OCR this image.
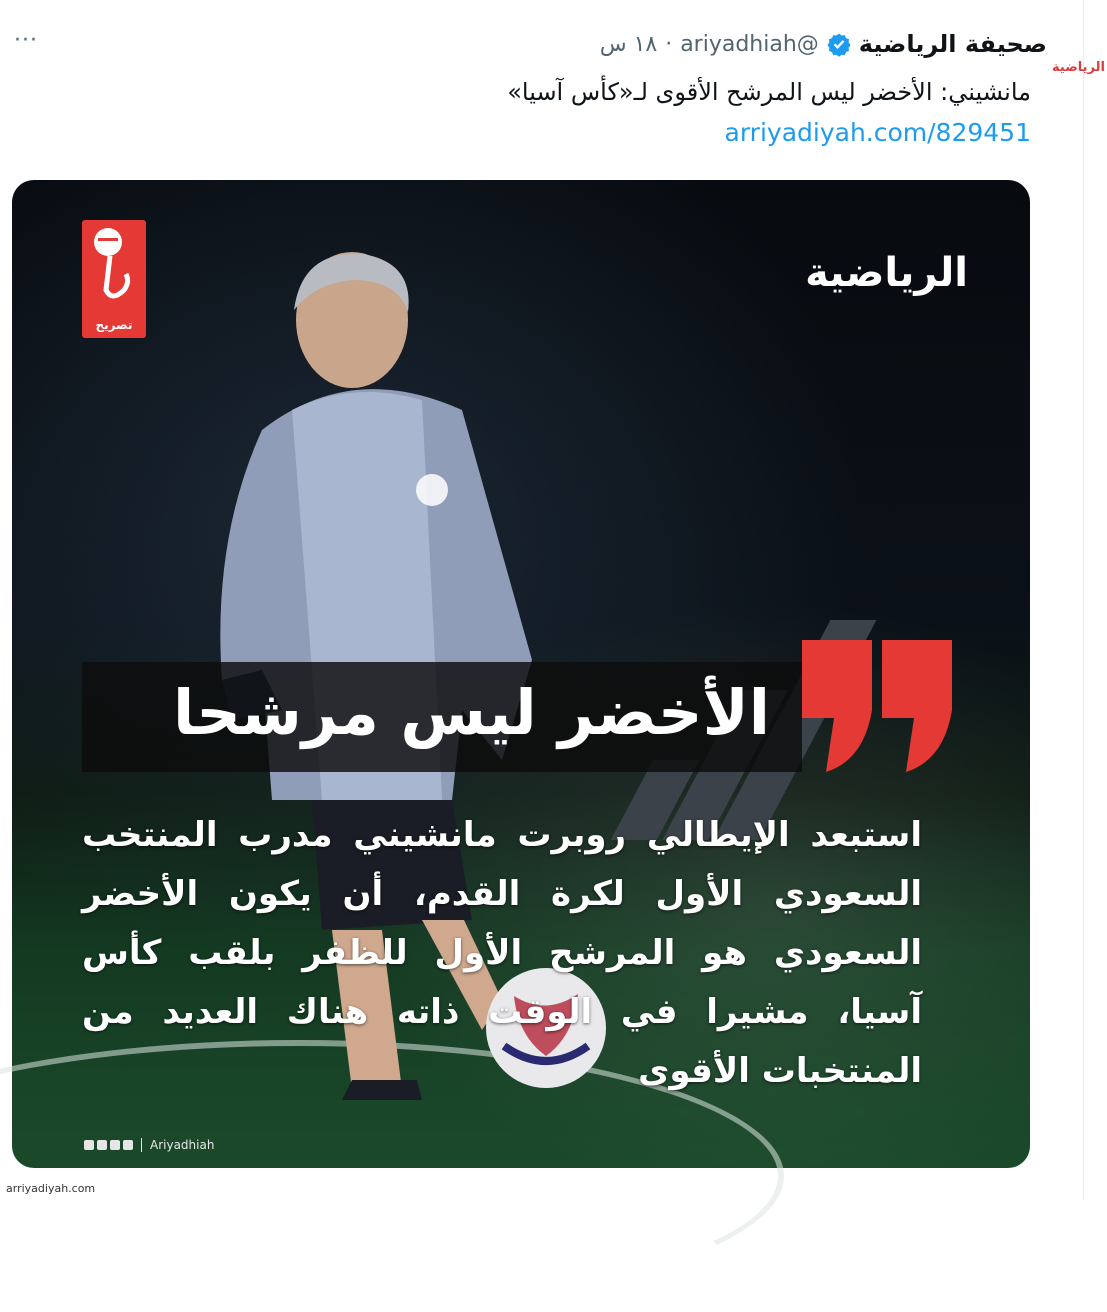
الرياضية
···	صحيفة الرياضية
@ariyadhiah
·
١٨ س
مانشيني: الأخضر ليس المرشح الأقوى لـ«كأس آسيا»
arriyadiyah.com/829451
تصريح
الرياضية
الأخضر ليس مرشحا
استبعد الإيطالي روبرت مانشيني مدرب المنتخب السعودي الأول لكرة القدم، أن يكون الأخضر السعودي هو المرشح الأول للظفر بلقب كأس آسيا، مشيرا في الوقت ذاته هناك العديد من المنتخبات الأقوى
Ariyadhiah
arriyadiyah.com
